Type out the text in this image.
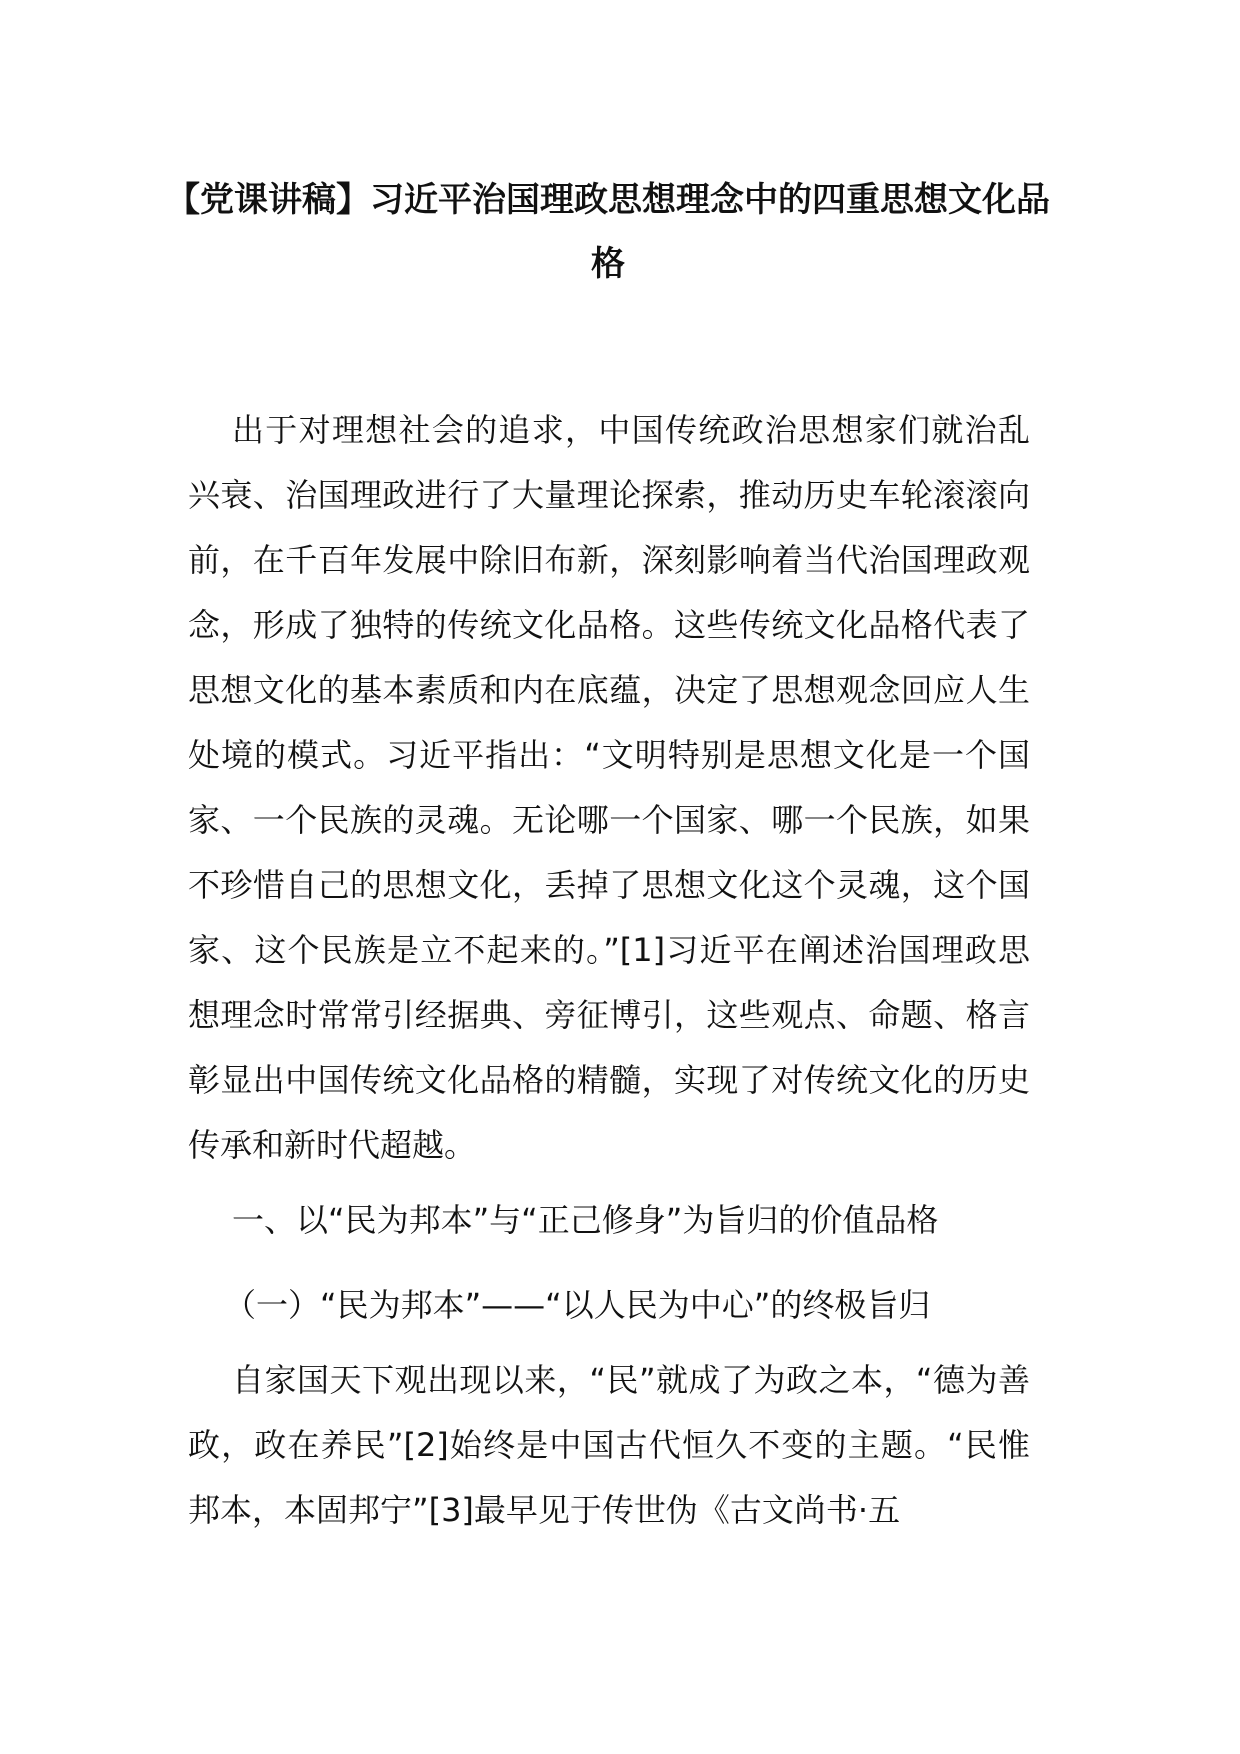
【党课讲稿】习近平治国理政思想理念中的四重思想文化品格

出于对理想社会的追求，中国传统政治思想家们就治乱兴衰、治国理政进行了大量理论探索，推动历史车轮滚滚向前，在千百年发展中除旧布新，深刻影响着当代治国理政观念，形成了独特的传统文化品格。这些传统文化品格代表了思想文化的基本素质和内在底蕴，决定了思想观念回应人生处境的模式。习近平指出：“文明特别是思想文化是一个国家、一个民族的灵魂。无论哪一个国家、哪一个民族，如果不珍惜自己的思想文化，丢掉了思想文化这个灵魂，这个国家、这个民族是立不起来的。”[1]习近平在阐述治国理政思想理念时常常引经据典、旁征博引，这些观点、命题、格言彰显出中国传统文化品格的精髓，实现了对传统文化的历史传承和新时代超越。

一、以“民为邦本”与“正己修身”为旨归的价值品格

（一）“民为邦本”——“以人民为中心”的终极旨归

自家国天下观出现以来，“民”就成了为政之本，“德为善政，政在养民”[2]始终是中国古代恒久不变的主题。“民惟邦本，本固邦宁”[3]最早见于传世伪《古文尚书·五
